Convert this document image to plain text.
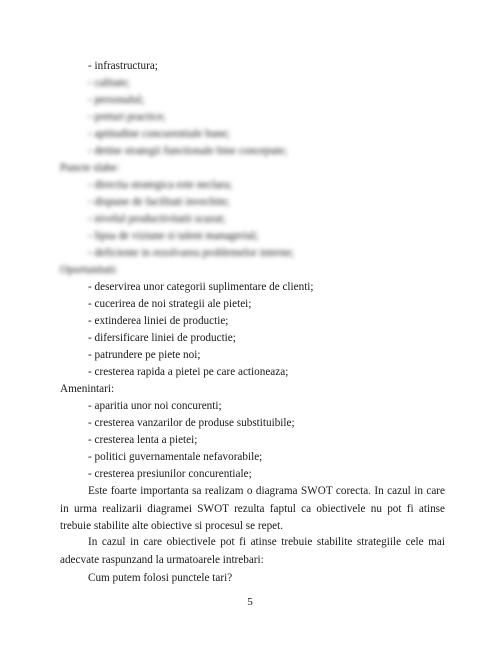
- infrastructura;
- calitate;
- personalul;
- preturi practice;
- aptitudine concurentiale bune;
- detine strategii functionale bine concepute;
Puncte slabe:
- directia strategica este neclara;
- dispune de facilitati invechite;
- nivelul productivitatii scazut;
- lipsa de viziune si talent managerial;
- deficiente in rezolvarea problemelor interne;
Oportunitati:
- deservirea unor categorii suplimentare de clienti;
- cucerirea de noi strategii ale pietei;
- extinderea liniei de productie;
- difersificare liniei de productie;
- patrundere pe piete noi;
- cresterea rapida a pietei pe care actioneaza;
Amenintari:
- aparitia unor noi concurenti;
- cresterea vanzarilor de produse substituibile;
- cresterea lenta a pietei;
- politici guvernamentale nefavorabile;
- cresterea presiunilor concurentiale;
Este foarte importanta sa realizam o diagrama SWOT corecta. In cazul in care in urma realizarii diagramei SWOT rezulta faptul ca obiectivele nu pot fi atinse trebuie stabilite alte obiective si procesul se repet.
In cazul in care obiectivele pot fi atinse trebuie stabilite strategiile cele mai adecvate raspunzand la urmatoarele intrebari:
Cum putem folosi punctele tari?
5
